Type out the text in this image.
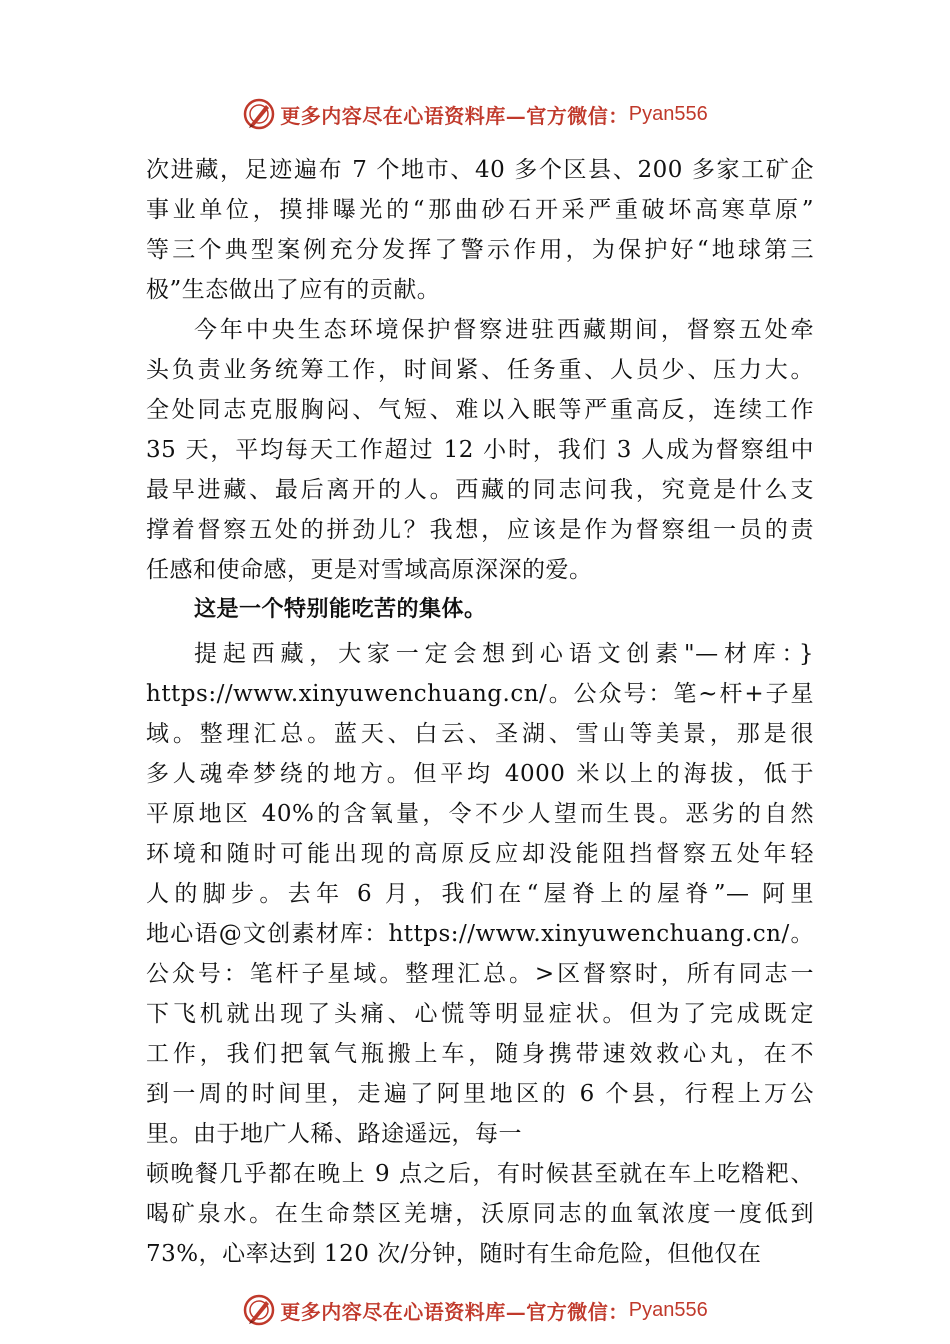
更多内容尽在心语资料库—官方微信： Pyan556
次进藏，足迹遍布 7 个地市、40 多个区县、200 多家工矿企
事业单位，摸排曝光的“那曲砂石开采严重破坏高寒草原”
等三个典型案例充分发挥了警示作用，为保护好“地球第三
极”生态做出了应有的贡献。
今年中央生态环境保护督察进驻西藏期间，督察五处牵
头负责业务统筹工作，时间紧、任务重、人员少、压力大。
全处同志克服胸闷、气短、难以入眠等严重高反，连续工作
35 天，平均每天工作超过 12 小时，我们 3 人成为督察组中
最早进藏、最后离开的人。西藏的同志问我，究竟是什么支
撑着督察五处的拼劲儿？我想，应该是作为督察组一员的责
任感和使命感，更是对雪域高原深深的爱。
这是一个特别能吃苦的集体。
提起西藏，大家一定会想到心语文创素"—材库：}
https://www.xinyuwenchuang.cn/。公众号：笔~杆+子星
域。整理汇总。蓝天、白云、圣湖、雪山等美景，那是很
多人魂牵梦绕的地方。但平均 4000 米以上的海拔，低于
平原地区 40%的含氧量，令不少人望而生畏。恶劣的自然
环境和随时可能出现的高原反应却没能阻挡督察五处年轻
人的脚步。去年 6 月，我们在“屋脊上的屋脊”— 阿里
地心语@文创素材库：https://www.xinyuwenchuang.cn/。
公众号：笔杆子星域。整理汇总。>区督察时，所有同志一
下飞机就出现了头痛、心慌等明显症状。但为了完成既定
工作，我们把氧气瓶搬上车，随身携带速效救心丸，在不
到一周的时间里，走遍了阿里地区的 6 个县，行程上万公
里。由于地广人稀、路途遥远，每一
顿晚餐几乎都在晚上 9 点之后，有时候甚至就在车上吃糌粑、
喝矿泉水。在生命禁区羌塘，沃原同志的血氧浓度一度低到
73%，心率达到 120 次/分钟，随时有生命危险，但他仅在
更多内容尽在心语资料库—官方微信： Pyan556
